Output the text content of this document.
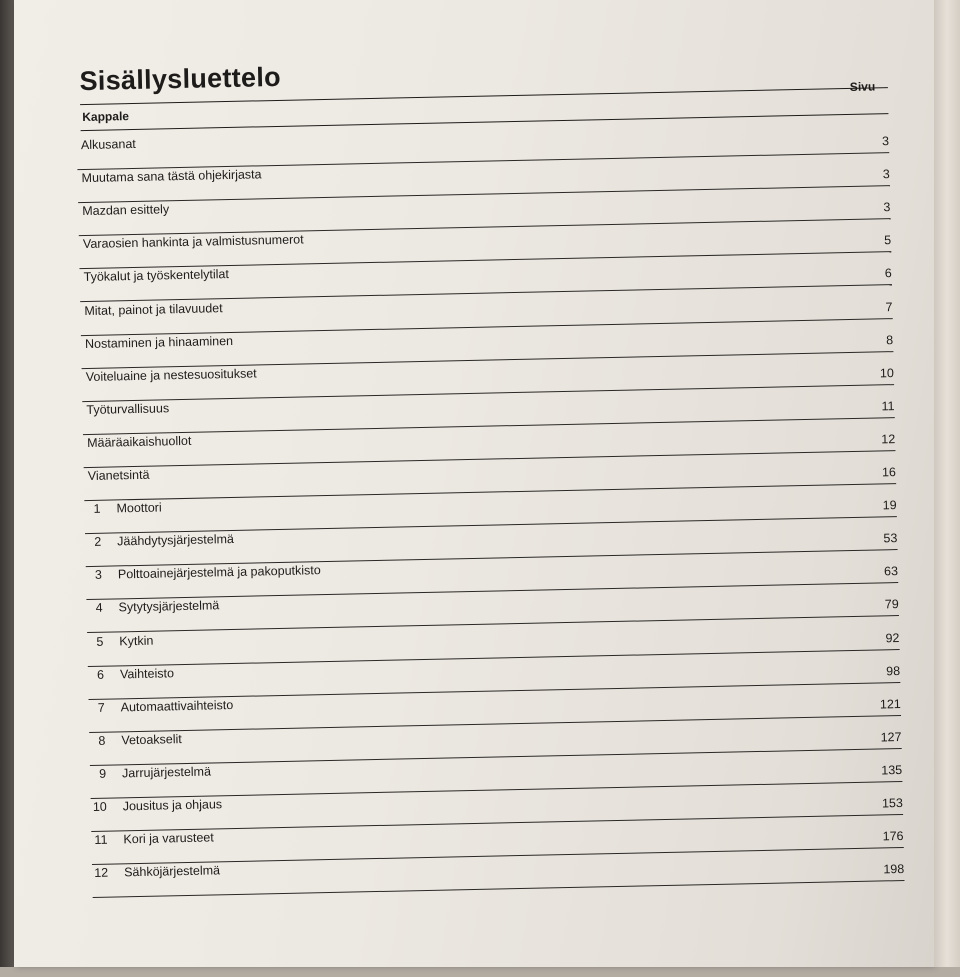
Sisällysluettelo	Sivu
Kappale
Alkusanat	3
Muutama sana tästä ohjekirjasta	3
Mazdan esittely	3
Varaosien hankinta ja valmistusnumerot	5
Työkalut ja työskentelytilat	6
Mitat, painot ja tilavuudet	7
Nostaminen ja hinaaminen	8
Voiteluaine ja nestesuositukset	10
Työturvallisuus	11
Määräaikaishuollot	12
Vianetsintä	16
1 Moottori	19
2 Jäähdytysjärjestelmä	53
3 Polttoainejärjestelmä ja pakoputkisto	63
4 Sytytysjärjestelmä	79
5 Kytkin	92
6 Vaihteisto	98
7 Automaattivaihteisto	121
8 Vetoakselit	127
9 Jarrujärjestelmä	135
10 Jousitus ja ohjaus	153
11 Kori ja varusteet	176
12 Sähköjärjestelmä	198
